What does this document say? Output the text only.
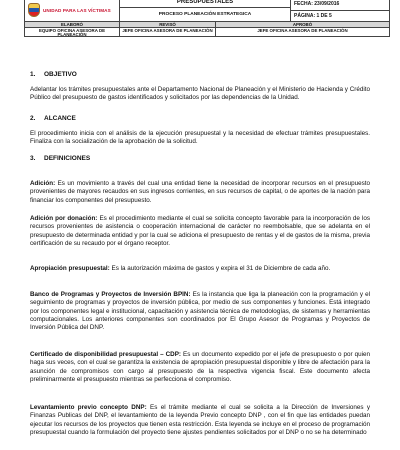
UNIDAD PARA LAS VÍCTIMAS
PRESUPUESTALES
PROCESO PLANEACIÓN ESTRATEGICA
FECHA: 23/09/2016
PÁGINA: 1 DE 5
ELABORÓ
EQUIPO OFICINA ASESORA DE PLANEACIÓN
REVISÓ
JEFE OFICINA ASESORA DE PLANEACIÓN
APROBÓ
JEFE OFICINA ASESORA DE PLANEACIÓN
1. OBJETIVO
Adelantar los trámites presupuestales ante el Departamento Nacional de Planeación y el Ministerio de Hacienda y Crédito Público del presupuesto de gastos identificados y solicitados por las dependencias de la Unidad.
2. ALCANCE
El procedimiento inicia con el análisis de la ejecución presupuestal y la necesidad de efectuar trámites presupuestales. Finaliza con la socialización de la aprobación de la solicitud.
3. DEFINICIONES
Adición: Es un movimiento a través del cual una entidad tiene la necesidad de incorporar recursos en el presupuesto provenientes de mayores recaudos en sus ingresos corrientes, en sus recursos de capital, o de aportes de la nación para financiar los componentes del presupuesto.
Adición por donación: Es el procedimiento mediante el cual se solicita concepto favorable para la incorporación de los recursos provenientes de asistencia o cooperación internacional de carácter no reembolsable, que se adelanta en el presupuesto de determinada entidad y por la cual se adiciona el presupuesto de rentas y el de gastos de la misma, previa certificación de su recaudo por el órgano receptor.
Apropiación presupuestal: Es la autorización máxima de gastos y expira el 31 de Diciembre de cada año.
Banco de Programas y Proyectos de Inversión BPIN: Es la instancia que liga la planeación con la programación y el seguimiento de programas y proyectos de inversión pública, por medio de sus componentes y funciones. Está integrado por los componentes legal e institucional, capacitación y asistencia técnica de metodologías, de sistemas y herramientas computacionales. Los anteriores componentes son coordinados por El Grupo Asesor de Programas y Proyectos de Inversión Pública del DNP.
Certificado de disponibilidad presupuestal – CDP: Es un documento expedido por el jefe de presupuesto o por quien haga sus veces, con el cual se garantiza la existencia de apropiación presupuestal disponible y libre de afectación para la asunción de compromisos con cargo al presupuesto de la respectiva vigencia fiscal. Este documento afecta preliminarmente el presupuesto mientras se perfecciona el compromiso.
Levantamiento previo concepto DNP: Es el trámite mediante el cual se solicita a la Dirección de Inversiones y Finanzas Publicas del DNP, el levantamiento de la leyenda Previo concepto DNP , con el fin que las entidades puedan ejecutar los recursos de los proyectos que tienen esta restricción. Esta leyenda se incluye en el proceso de programación presupuestal cuando la formulación del proyecto tiene ajustes pendientes solicitados por el DNP o no se ha determinado
